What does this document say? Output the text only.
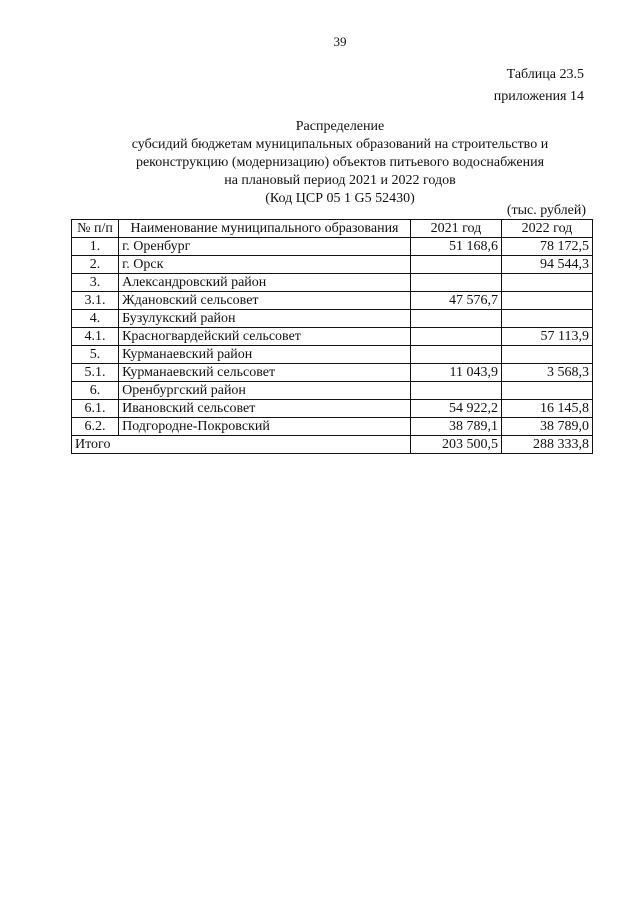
39
Таблица 23.5
приложения 14
Распределение
субсидий бюджетам муниципальных образований на строительство и
реконструкцию (модернизацию) объектов питьевого водоснабжения
на плановый период 2021 и 2022 годов
(Код ЦСР 05 1 G5 52430)
(тыс. рублей)
№ п/п	Наименование муниципального образования	2021 год	2022 год
1.	г. Оренбург	51 168,6	78 172,5
2.	г. Орск		94 544,3
3.	Александровский район		
3.1.	Ждановский сельсовет	47 576,7	
4.	Бузулукский район		
4.1.	Красногвардейский сельсовет		57 113,9
5.	Курманаевский район		
5.1.	Курманаевский сельсовет	11 043,9	3 568,3
6.	Оренбургский район		
6.1.	Ивановский сельсовет	54 922,2	16 145,8
6.2.	Подгородне-Покровский	38 789,1	38 789,0
Итого		203 500,5	288 333,8
